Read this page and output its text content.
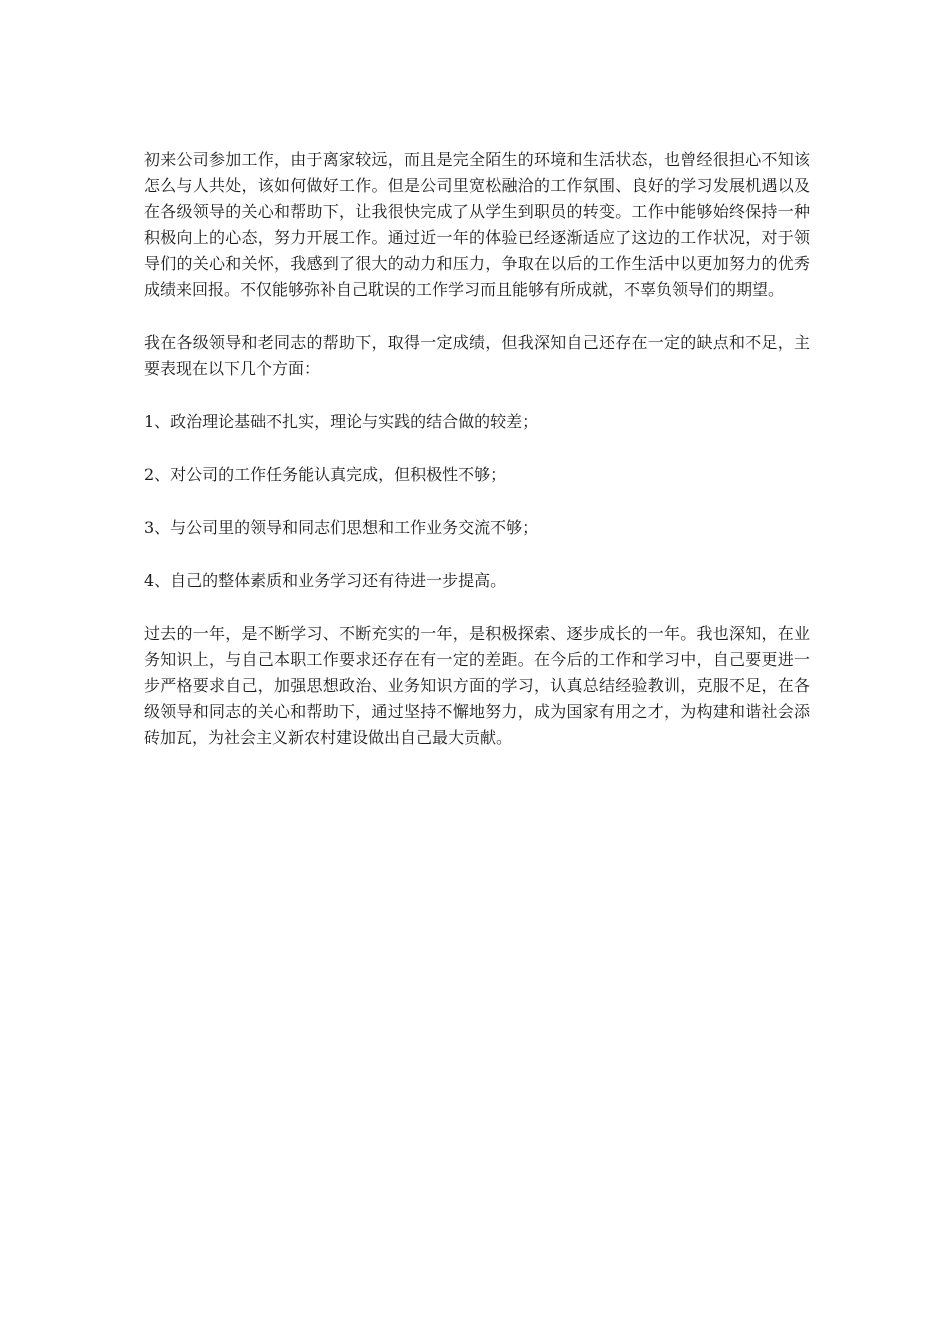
初来公司参加工作，由于离家较远，而且是完全陌生的环境和生活状态，也曾经很担心不知该怎么与人共处，该如何做好工作。但是公司里宽松融洽的工作氛围、良好的学习发展机遇以及在各级领导的关心和帮助下，让我很快完成了从学生到职员的转变。工作中能够始终保持一种积极向上的心态，努力开展工作。通过近一年的体验已经逐渐适应了这边的工作状况，对于领导们的关心和关怀，我感到了很大的动力和压力，争取在以后的工作生活中以更加努力的优秀成绩来回报。不仅能够弥补自己耽误的工作学习而且能够有所成就，不辜负领导们的期望。

我在各级领导和老同志的帮助下，取得一定成绩，但我深知自己还存在一定的缺点和不足，主要表现在以下几个方面：

1、政治理论基础不扎实，理论与实践的结合做的较差；

2、对公司的工作任务能认真完成，但积极性不够；

3、与公司里的领导和同志们思想和工作业务交流不够；

4、自己的整体素质和业务学习还有待进一步提高。

过去的一年，是不断学习、不断充实的一年，是积极探索、逐步成长的一年。我也深知，在业务知识上，与自己本职工作要求还存在有一定的差距。在今后的工作和学习中，自己要更进一步严格要求自己，加强思想政治、业务知识方面的学习，认真总结经验教训，克服不足，在各级领导和同志的关心和帮助下，通过坚持不懈地努力，成为国家有用之才，为构建和谐社会添砖加瓦，为社会主义新农村建设做出自己最大贡献。
